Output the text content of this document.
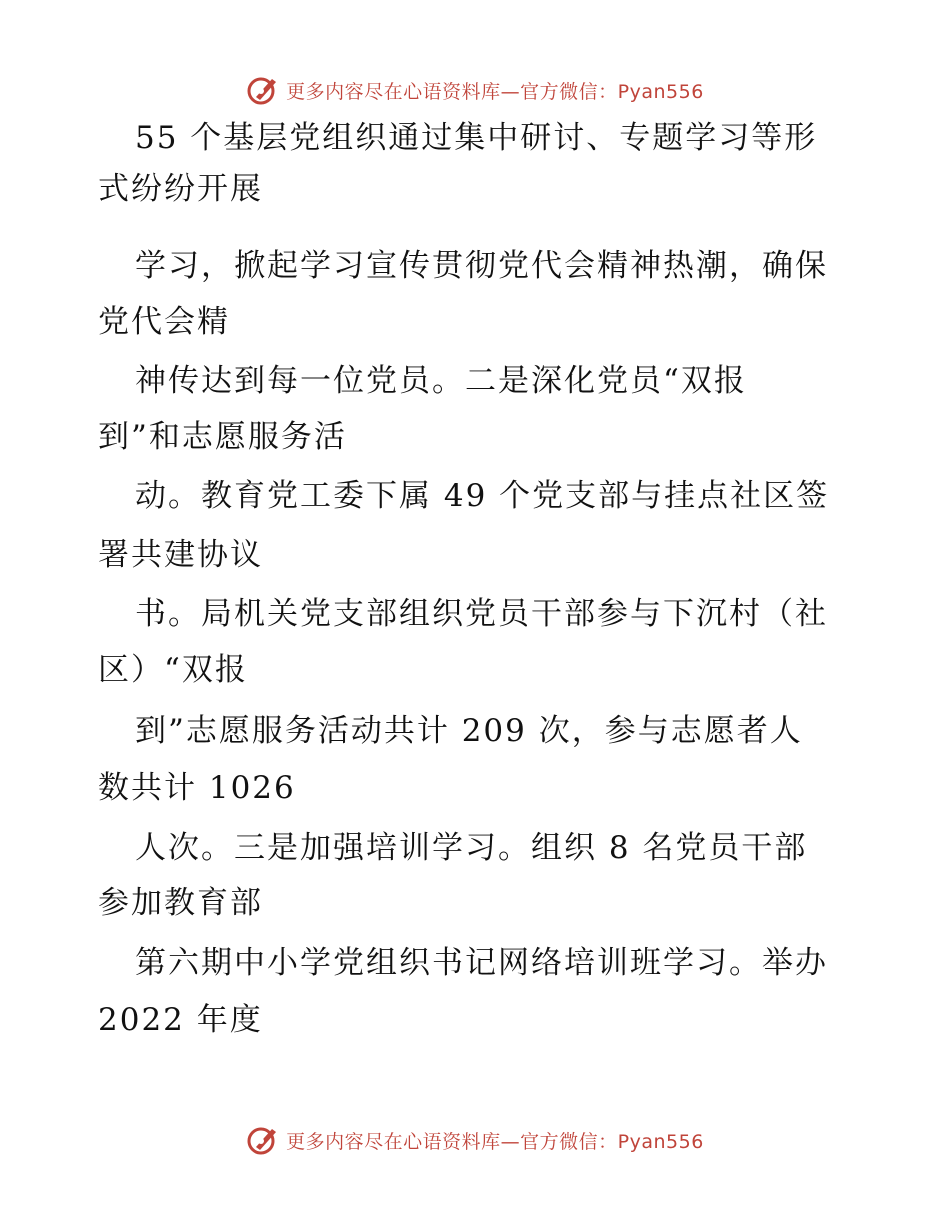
更多内容尽在心语资料库—官方微信：Pyan556
55 个基层党组织通过集中研讨、专题学习等形
式纷纷开展
学习，掀起学习宣传贯彻党代会精神热潮，确保
党代会精
神传达到每一位党员。二是深化党员“双报
到”和志愿服务活
动。教育党工委下属 49 个党支部与挂点社区签
署共建协议
书。局机关党支部组织党员干部参与下沉村（社
区）“双报
到”志愿服务活动共计 209 次，参与志愿者人
数共计 1026
人次。三是加强培训学习。组织 8 名党员干部
参加教育部
第六期中小学党组织书记网络培训班学习。举办
2022 年度
更多内容尽在心语资料库—官方微信：Pyan556
